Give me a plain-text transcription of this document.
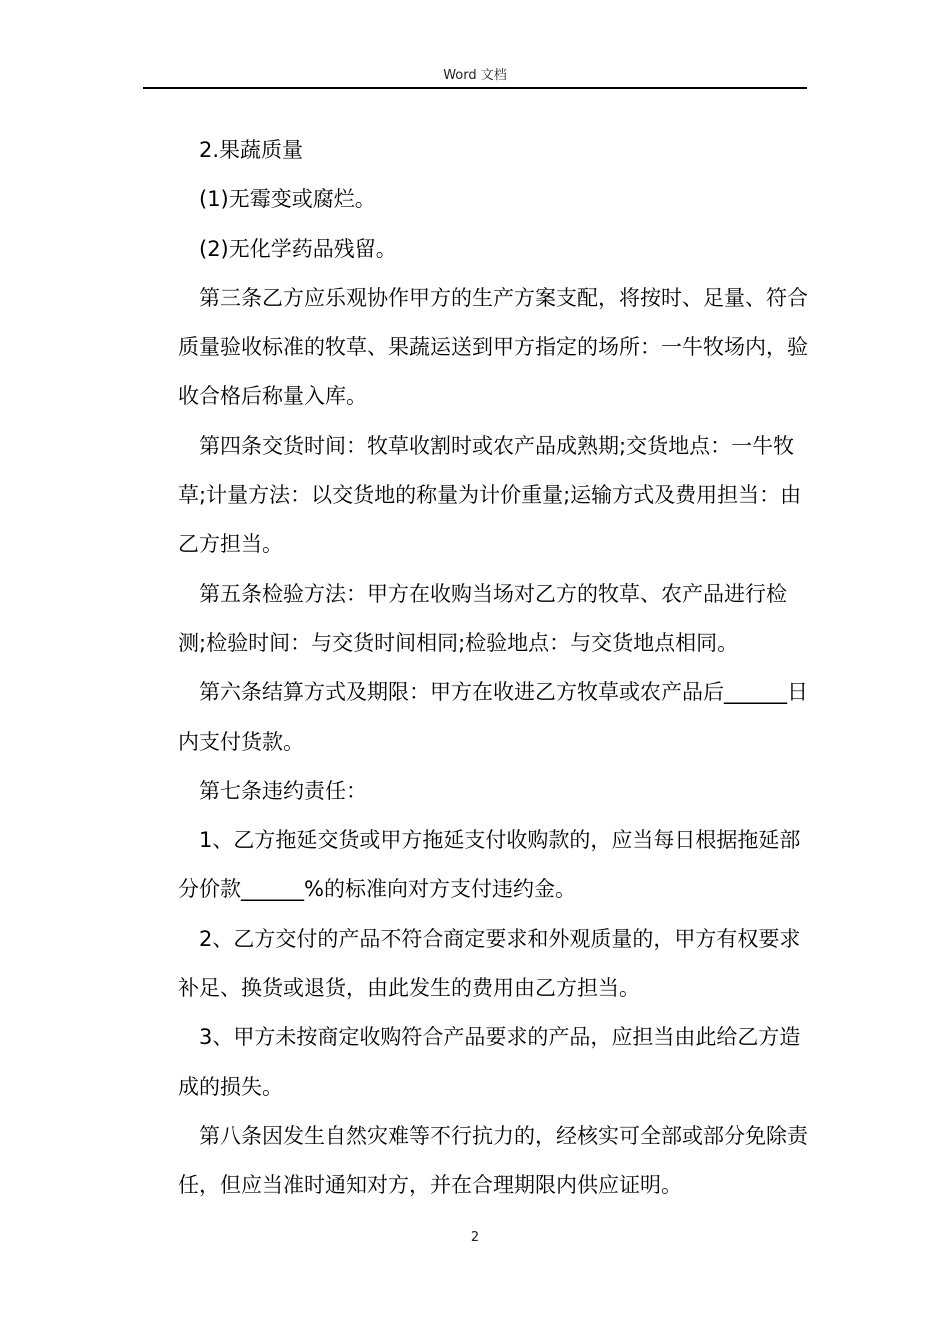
Word 文档

2.果蔬质量

(1)无霉变或腐烂。

(2)无化学药品残留。

第三条乙方应乐观协作甲方的生产方案支配，将按时、足量、符合质量验收标准的牧草、果蔬运送到甲方指定的场所：一牛牧场内，验收合格后称量入库。

第四条交货时间：牧草收割时或农产品成熟期;交货地点：一牛牧草;计量方法：以交货地的称量为计价重量;运输方式及费用担当：由乙方担当。

第五条检验方法：甲方在收购当场对乙方的牧草、农产品进行检测;检验时间：与交货时间相同;检验地点：与交货地点相同。

第六条结算方式及期限：甲方在收进乙方牧草或农产品后______日内支付货款。

第七条违约责任：

1、乙方拖延交货或甲方拖延支付收购款的，应当每日根据拖延部分价款______%的标准向对方支付违约金。

2、乙方交付的产品不符合商定要求和外观质量的，甲方有权要求补足、换货或退货，由此发生的费用由乙方担当。

3、甲方未按商定收购符合产品要求的产品，应担当由此给乙方造成的损失。

第八条因发生自然灾难等不行抗力的，经核实可全部或部分免除责任，但应当准时通知对方，并在合理期限内供应证明。

2
